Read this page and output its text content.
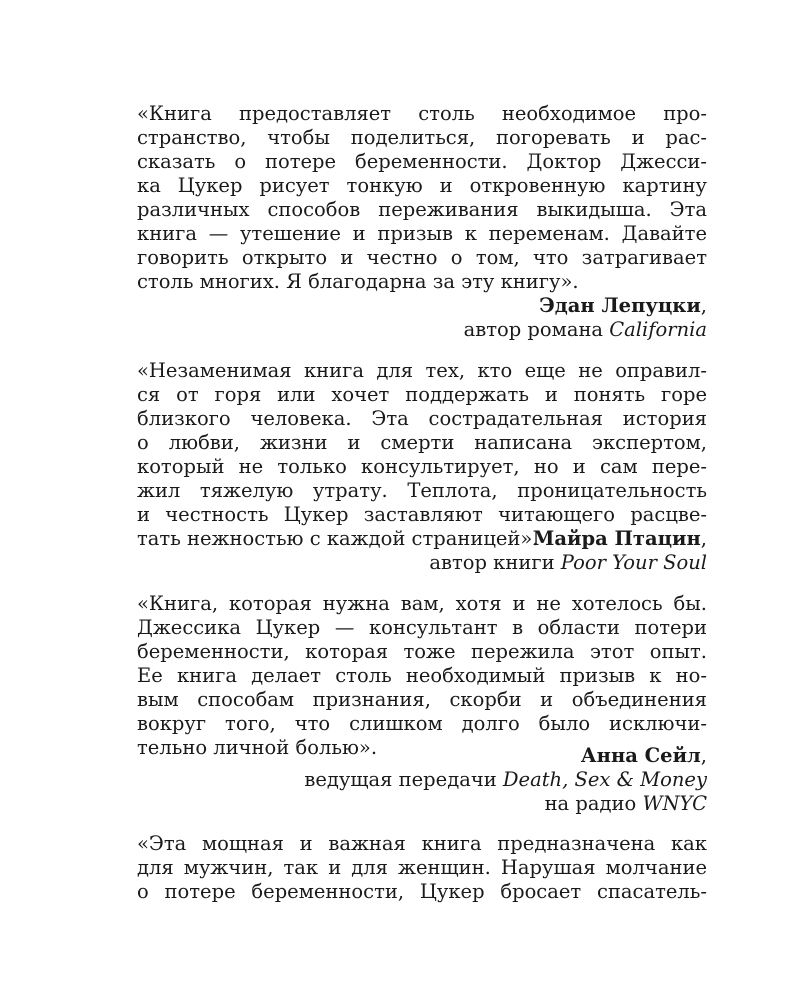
«Книга предоставляет столь необходимое про-
странство, чтобы поделиться, погоревать и рас-
сказать о потере беременности. Доктор Джесси-
ка Цукер рисует тонкую и откровенную картину
различных способов переживания выкидыша. Эта
книга — утешение и призыв к переменам. Давайте
говорить открыто и честно о том, что затрагивает
столь многих. Я благодарна за эту книгу».
Эдан Лепуцки,
автор романа California
«Незаменимая книга для тех, кто еще не оправил-
ся от горя или хочет поддержать и понять горе
близкого человека. Эта сострадательная история
о любви, жизни и смерти написана экспертом,
который не только консультирует, но и сам пере-
жил тяжелую утрату. Теплота, проницательность
и честность Цукер заставляют читающего расцве-
тать нежностью с каждой страницей».
Майра Птацин,
автор книги Poor Your Soul
«Книга, которая нужна вам, хотя и не хотелось бы.
Джессика Цукер — консультант в области потери
беременности, которая тоже пережила этот опыт.
Ее книга делает столь необходимый призыв к но-
вым способам признания, скорби и объединения
вокруг того, что слишком долго было исключи-
тельно личной болью».	Анна Сейл,
ведущая передачи Death, Sex & Money
на радио WNYC
«Эта мощная и важная книга предназначена как
для мужчин, так и для женщин. Нарушая молчание
о потере беременности, Цукер бросает спасатель-
